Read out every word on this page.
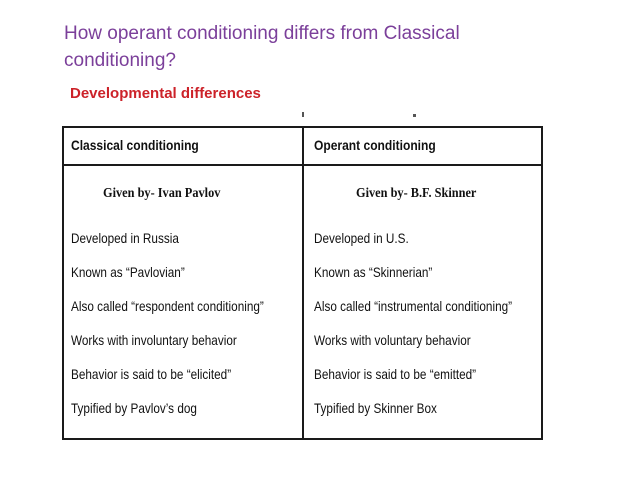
How operant conditioning differs from Classical conditioning?
Developmental differences
Classical conditioning	Operant conditioning
Given by- Ivan Pavlov	Given by- B.F. Skinner
Developed in Russia
Known as “Pavlovian”
Also called “respondent conditioning”
Works with involuntary behavior
Behavior is said to be “elicited”
Typified by Pavlov’s dog
Developed in U.S.
Known as “Skinnerian”
Also called “instrumental conditioning”
Works with voluntary behavior
Behavior is said to be “emitted”
Typified by Skinner Box
